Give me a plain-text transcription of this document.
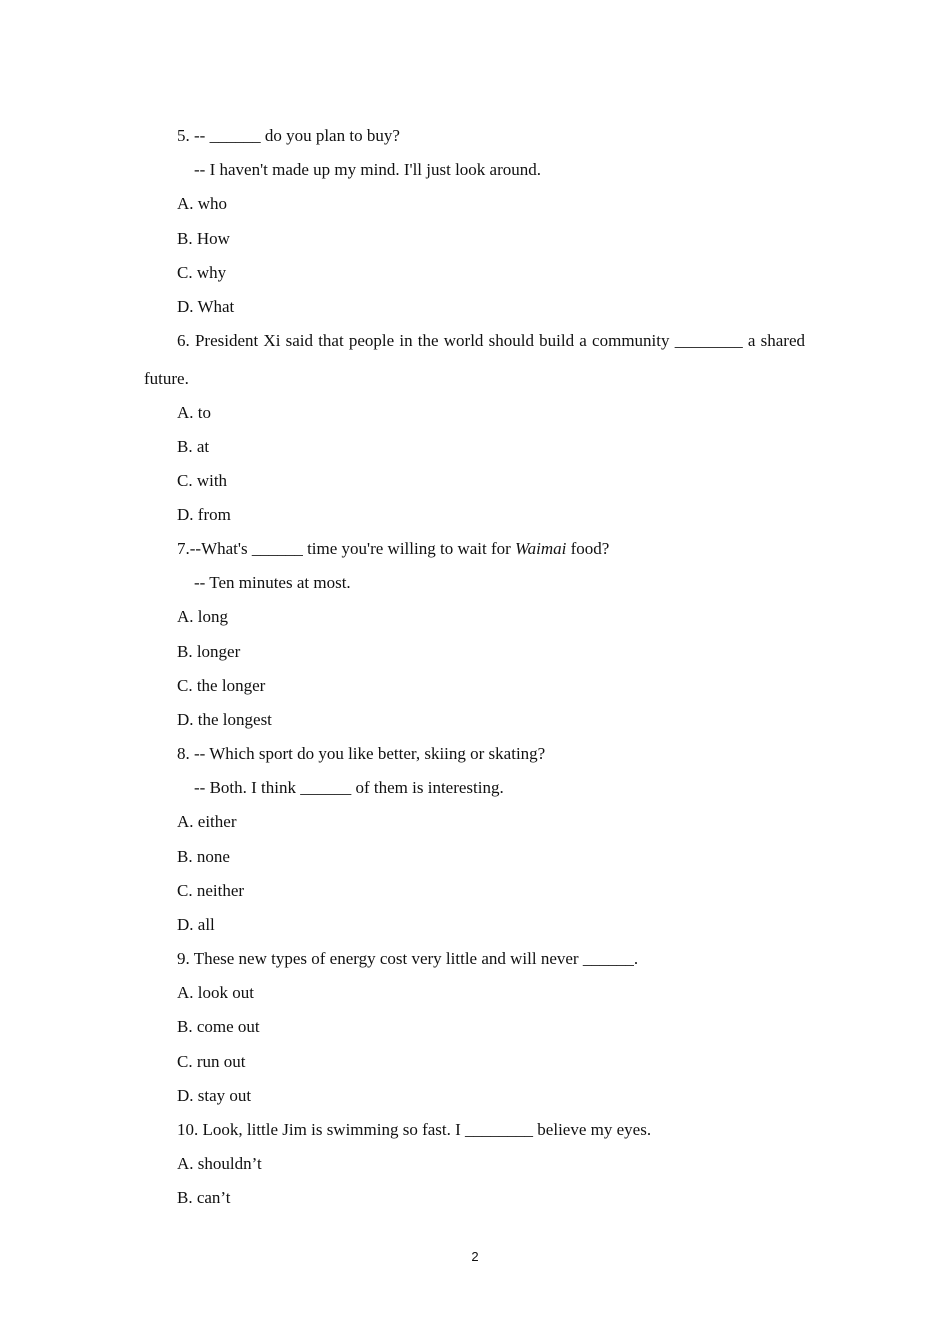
5. -- ______ do you plan to buy?
-- I haven't made up my mind. I'll just look around.
A. who
B. How
C. why
D. What
6. President Xi said that people in the world should build a community ________ a shared
future.
A. to
B. at
C. with
D. from
7.--What's ______ time you're willing to wait for Waimai food?
-- Ten minutes at most.
A. long
B. longer
C. the longer
D. the longest
8. -- Which sport do you like better, skiing or skating?
-- Both. I think ______ of them is interesting.
A. either
B. none
C. neither
D. all
9. These new types of energy cost very little and will never ______.
A. look out
B. come out
C. run out
D. stay out
10. Look, little Jim is swimming so fast. I ________ believe my eyes.
A. shouldn’t
B. can’t
2
